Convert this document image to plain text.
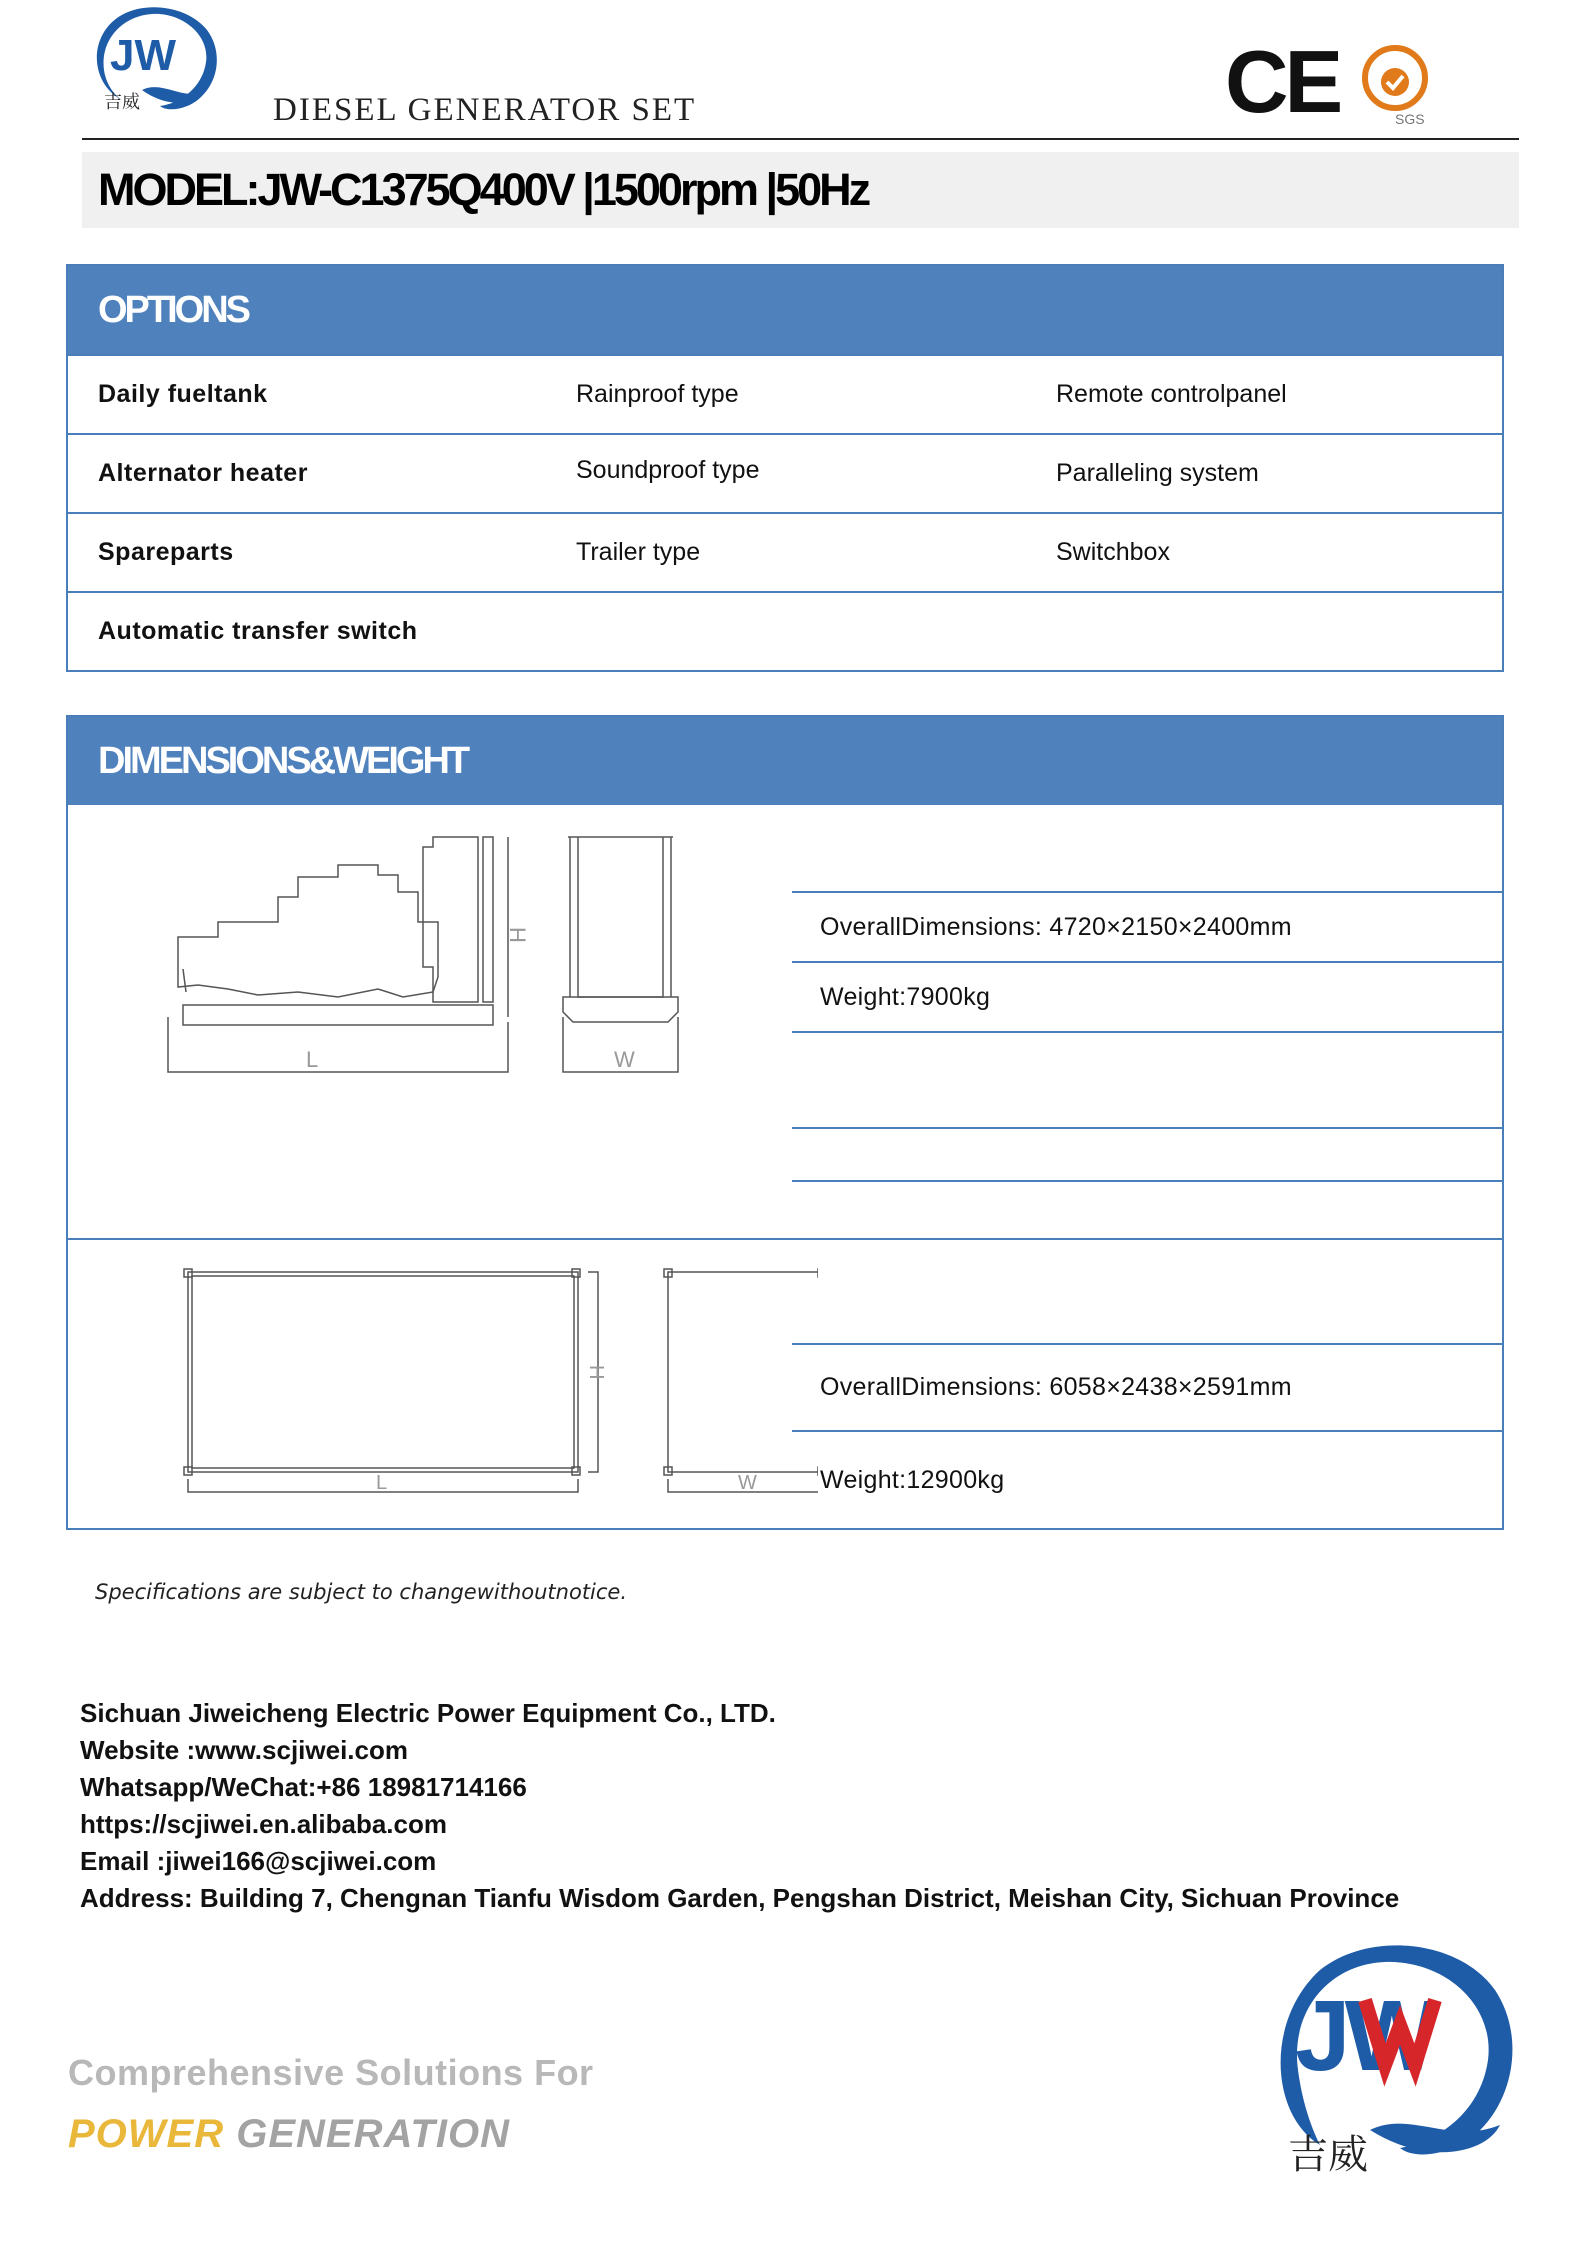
JW
吉威	DIESEL GENERATOR SET	CE	SGS
MODEL:JW-C1375Q400V |1500rpm |50Hz
OPTIONS
Daily fueltank	Rainproof type	Remote controlpanel
Alternator heater	Soundproof type	Paralleling system
Spareparts	Trailer type	Switchbox
Automatic transfer switch
DIMENSIONS&WEIGHT
L
H
W
OverallDimensions: 4720×2150×2400mm
Weight:7900kg
L
H
W
OverallDimensions: 6058×2438×2591mm
Weight:12900kg
Specifications are subject to changewithoutnotice.
Sichuan Jiweicheng Electric Power Equipment Co., LTD.
Website :www.scjiwei.com
Whatsapp/WeChat:+86 18981714166
https://scjiwei.en.alibaba.com
Email :jiwei166@scjiwei.com
Address: Building 7, Chengnan Tianfu Wisdom Garden, Pengshan District, Meishan City, Sichuan Province
JW
吉威
Comprehensive Solutions For
POWER GENERATION
